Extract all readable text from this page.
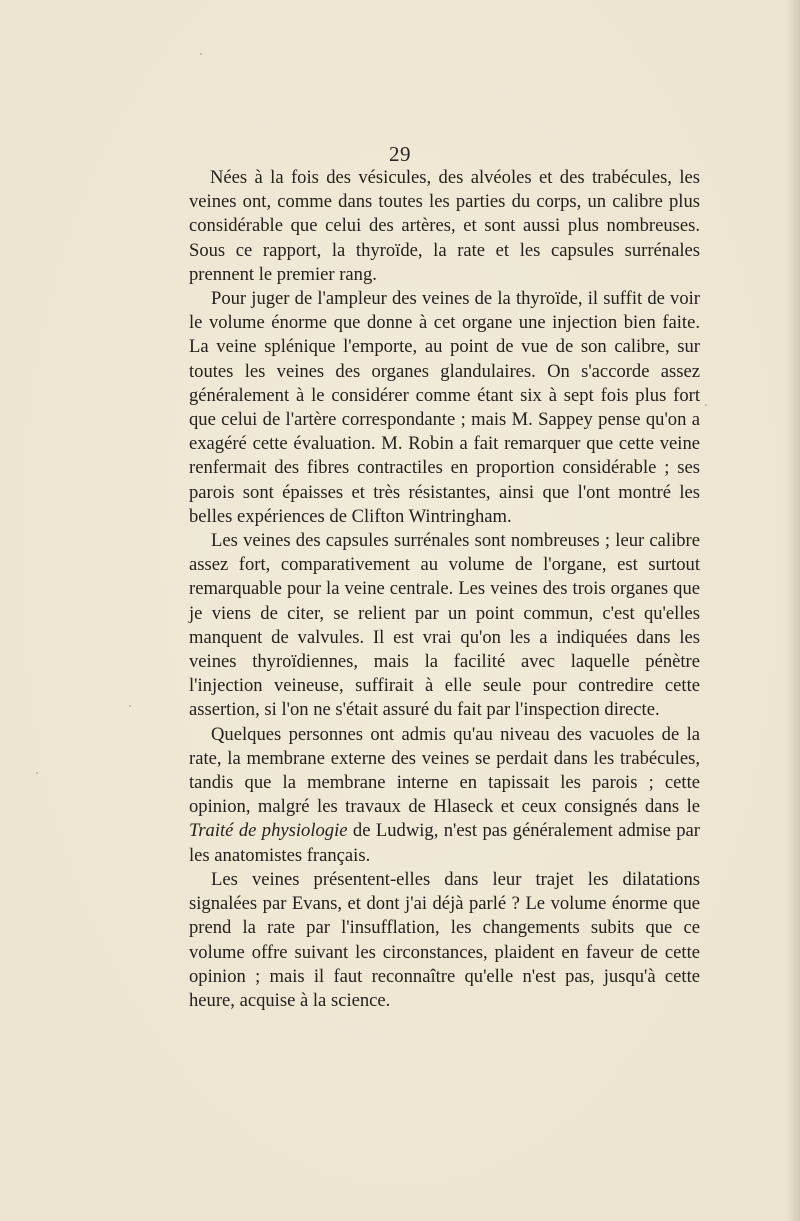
29

Nées à la fois des vésicules, des alvéoles et des trabécules, les veines ont, comme dans toutes les parties du corps, un calibre plus considérable que celui des artères, et sont aussi plus nombreuses. Sous ce rapport, la thyroïde, la rate et les capsules surrénales prennent le premier rang.

Pour juger de l'ampleur des veines de la thyroïde, il suffit de voir le volume énorme que donne à cet organe une injection bien faite. La veine splénique l'emporte, au point de vue de son calibre, sur toutes les veines des organes glandulaires. On s'accorde assez généralement à le considérer comme étant six à sept fois plus fort que celui de l'artère correspondante ; mais M. Sappey pense qu'on a exagéré cette évaluation. M. Robin a fait remarquer que cette veine renfermait des fibres contractiles en proportion considérable ; ses parois sont épaisses et très résistantes, ainsi que l'ont montré les belles expériences de Clifton Wintringham.

Les veines des capsules surrénales sont nombreuses ; leur calibre assez fort, comparativement au volume de l'organe, est surtout remarquable pour la veine centrale. Les veines des trois organes que je viens de citer, se relient par un point commun, c'est qu'elles manquent de valvules. Il est vrai qu'on les a indiquées dans les veines thyroïdiennes, mais la facilité avec laquelle pénètre l'injection veineuse, suffirait à elle seule pour contredire cette assertion, si l'on ne s'était assuré du fait par l'inspection directe.

Quelques personnes ont admis qu'au niveau des vacuoles de la rate, la membrane externe des veines se perdait dans les trabécules, tandis que la membrane interne en tapissait les parois ; cette opinion, malgré les travaux de Hlaseck et ceux consignés dans le Traité de physiologie de Ludwig, n'est pas généralement admise par les anatomistes français.

Les veines présentent-elles dans leur trajet les dilatations signalées par Evans, et dont j'ai déjà parlé ? Le volume énorme que prend la rate par l'insufflation, les changements subits que ce volume offre suivant les circonstances, plaident en faveur de cette opinion ; mais il faut reconnaître qu'elle n'est pas, jusqu'à cette heure, acquise à la science.
